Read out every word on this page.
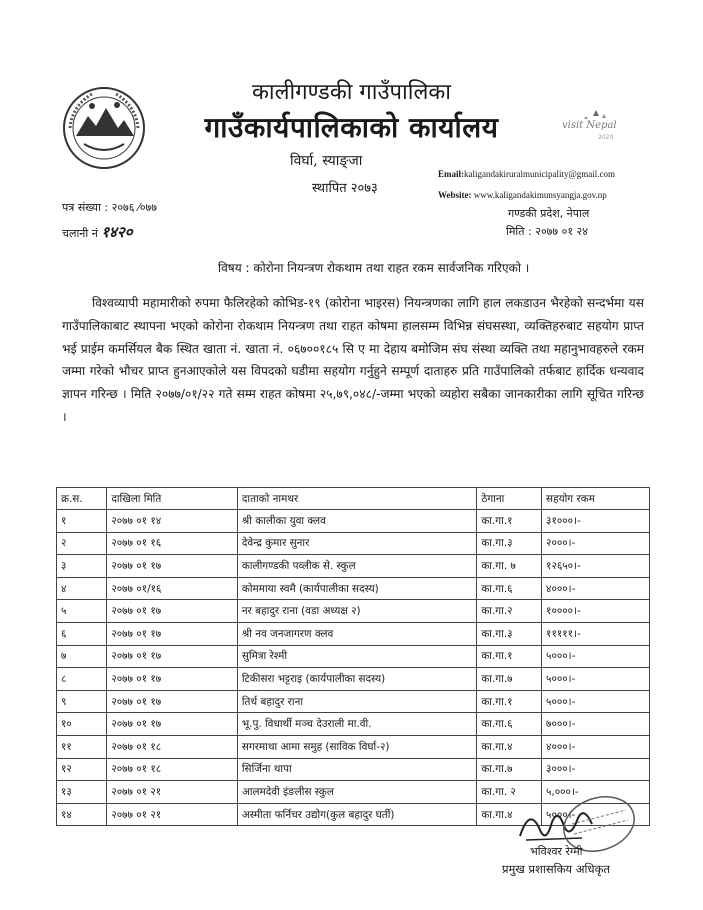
visit Nepal
2020
कालीगण्डकी गाउँपालिका
गाउँकार्यपालिकाको कार्यालय
विर्घा, स्याङ्जा
स्थापित २०७३
Email:kaligandakiruralmunicipality@gmail.com
Website: www.kaligandakimunsyangja.gov.np
गण्डकी प्रदेश, नेपाल
मिति : २०७७ ०१ २४
पत्र संख्या : २०७६ ⁄०७७
चलानी नं १४२०
विषय : कोरोना नियन्त्रण रोकथाम तथा राहत रकम सार्वजनिक गरिएको ।

विश्वव्यापी महामारीको रुपमा फैलिरहेको कोभिड-१९ (कोरोना भाइरस) नियन्त्रणका लागि हाल लकडाउन भैरहेको सन्दर्भमा यस गाउँपालिकाबाट स्थापना भएको कोरोना रोकथाम नियन्त्रण तथा राहत कोषमा हालसम्म विभिन्न संघसस्था, व्यक्तिहरुबाट सहयोग प्राप्त भई प्राईम कमर्सियल बैक स्थित खाता नं. खाता नं. ०६७००१८५ सि ए मा देहाय बमोजिम संघ संस्था व्यक्ति तथा महानुभावहरुले रकम जम्मा गरेको भौचर प्राप्त हुनआएकोले यस विपदको घडीमा सहयोग गर्नुहुने सम्पूर्ण दाताहरु प्रति गाउँपालिको तर्फबाट हार्दिक धन्यवाद ज्ञापन गरिन्छ । मिति २०७७/०१/२२ गते सम्म राहत कोषमा २५,७९,०४८/-जम्मा भएको व्यहोरा सबैका जानकारीका लागि सूचित गरिन्छ ।

क्र.स.	दाखिला मिति	दाताको नामथर	ठेगाना	सहयोग रकम
१	२०७७ ०१ १४	श्री कालीका युवा क्लव	का.गा.१	३१०००।-
२	२०७७ ०१ १६	देवेन्द्र कुमार सुनार	का.गा.३	२०००।-
३	२०७७ ०१ १७	कालीगण्डकी पव्लीक से. स्कुल	का.गा. ७	१२६५०।-
४	२०७७ ०१/१६	कोममाया स्वमै (कार्यपालीका सदस्य)	का.गा.६	४०००।-
५	२०७७ ०१ १७	नर बहादुर राना (वडा अध्यक्ष २)	का.गा.२	१००००।-
६	२०७७ ०१ १७	श्री नव जनजागरण क्लव	का.गा.३	१११११।-
७	२०७७ ०१ १७	सुमित्रा रेश्मी	का.गा.१	५०००।-
८	२०७७ ०१ १७	टिकीसरा भट्टराइ (कार्यपालीका सदस्य)	का.गा.७	५०००।-
९	२०७७ ०१ १७	तिर्थ बहादुर राना	का.गा.१	५०००।-
१०	२०७७ ०१ १७	भू.पु. विधार्थी मञ्च देउराली मा.वी.	का.गा.६	७०००।-
११	२०७७ ०१ १८	सगरमाथा आमा समुह (साविक विर्घा-२)	का.गा.४	४०००।-
१२	२०७७ ०१ १८	सिर्जिना थापा	का.गा.७	३०००।-
१३	२०७७ ०१ २१	आलमदेवी इंङलीस स्कुल	का.गा. २	५,०००।-
१४	२०७७ ०१ २१	अस्मीता फर्निचर उद्योग(कुल बहादुर घर्ती)	का.गा.४	५०००।-
भविश्वर रेग्मी
प्रमुख प्रशासकिय अधिकृत
